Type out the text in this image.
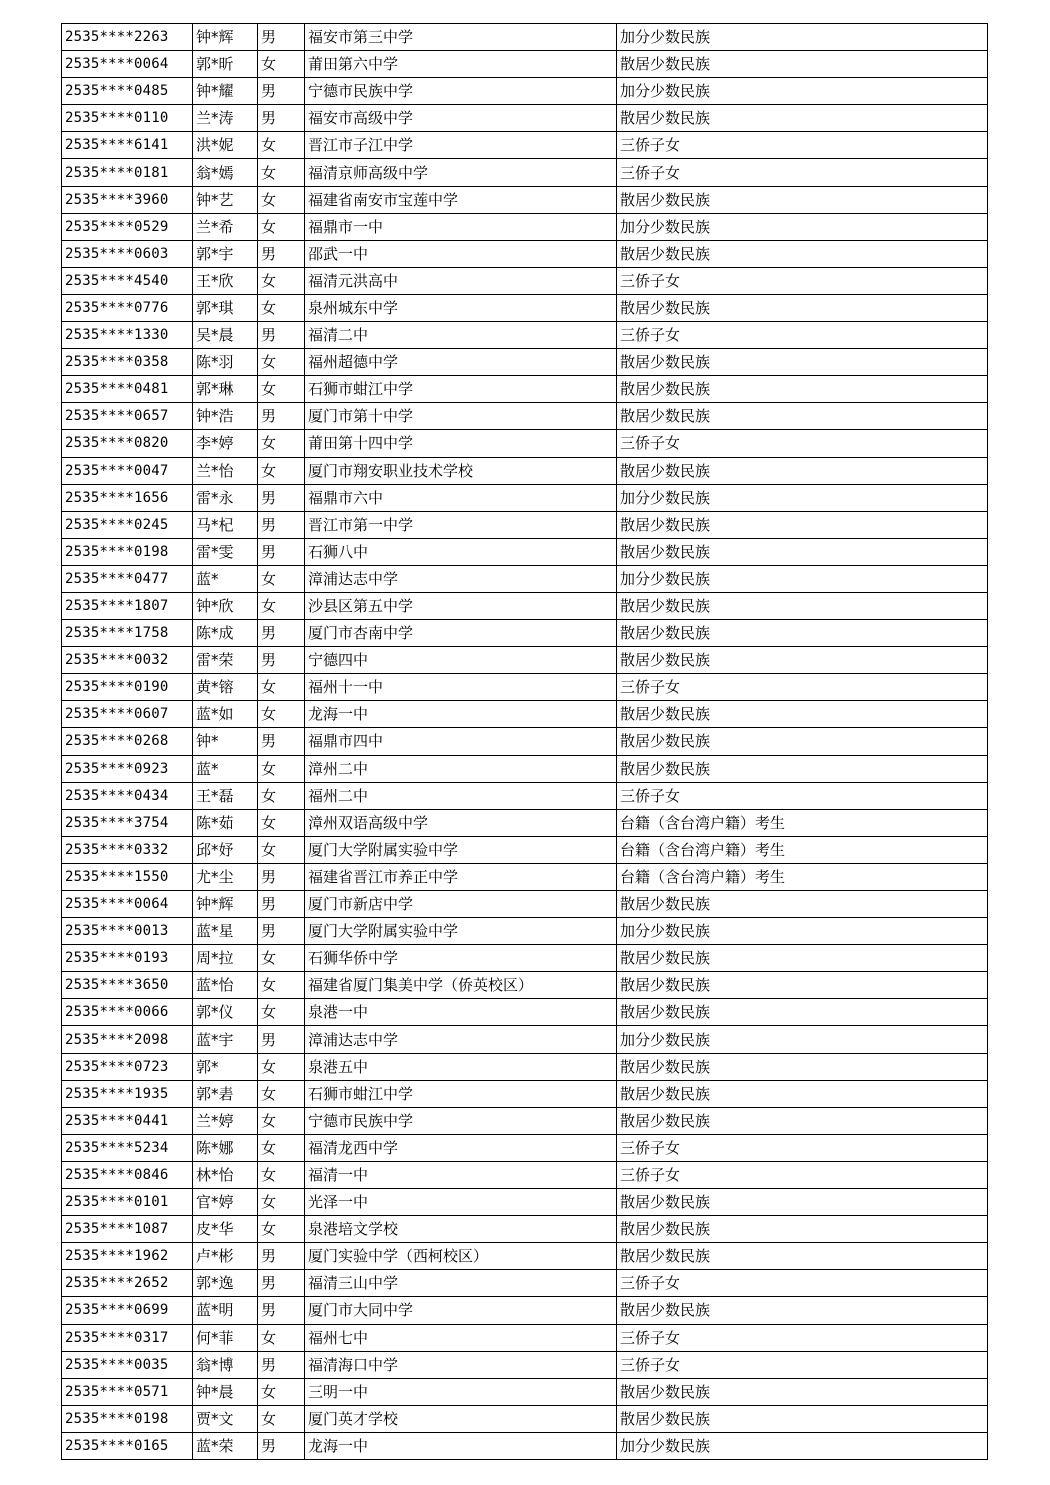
2535****2263	钟*辉	男	福安市第三中学	加分少数民族
2535****0064	郭*昕	女	莆田第六中学	散居少数民族
2535****0485	钟*耀	男	宁德市民族中学	加分少数民族
2535****0110	兰*涛	男	福安市高级中学	散居少数民族
2535****6141	洪*妮	女	晋江市子江中学	三侨子女
2535****0181	翁*嫣	女	福清京师高级中学	三侨子女
2535****3960	钟*艺	女	福建省南安市宝莲中学	散居少数民族
2535****0529	兰*希	女	福鼎市一中	加分少数民族
2535****0603	郭*宇	男	邵武一中	散居少数民族
2535****4540	王*欣	女	福清元洪高中	三侨子女
2535****0776	郭*琪	女	泉州城东中学	散居少数民族
2535****1330	吴*晨	男	福清二中	三侨子女
2535****0358	陈*羽	女	福州超德中学	散居少数民族
2535****0481	郭*琳	女	石狮市蚶江中学	散居少数民族
2535****0657	钟*浩	男	厦门市第十中学	散居少数民族
2535****0820	李*婷	女	莆田第十四中学	三侨子女
2535****0047	兰*怡	女	厦门市翔安职业技术学校	散居少数民族
2535****1656	雷*永	男	福鼎市六中	加分少数民族
2535****0245	马*杞	男	晋江市第一中学	散居少数民族
2535****0198	雷*雯	男	石狮八中	散居少数民族
2535****0477	蓝*	女	漳浦达志中学	加分少数民族
2535****1807	钟*欣	女	沙县区第五中学	散居少数民族
2535****1758	陈*成	男	厦门市杏南中学	散居少数民族
2535****0032	雷*荣	男	宁德四中	散居少数民族
2535****0190	黄*镕	女	福州十一中	三侨子女
2535****0607	蓝*如	女	龙海一中	散居少数民族
2535****0268	钟*	男	福鼎市四中	散居少数民族
2535****0923	蓝*	女	漳州二中	散居少数民族
2535****0434	王*磊	女	福州二中	三侨子女
2535****3754	陈*茹	女	漳州双语高级中学	台籍（含台湾户籍）考生
2535****0332	邱*妤	女	厦门大学附属实验中学	台籍（含台湾户籍）考生
2535****1550	尤*尘	男	福建省晋江市养正中学	台籍（含台湾户籍）考生
2535****0064	钟*辉	男	厦门市新店中学	散居少数民族
2535****0013	蓝*星	男	厦门大学附属实验中学	加分少数民族
2535****0193	周*拉	女	石狮华侨中学	散居少数民族
2535****3650	蓝*怡	女	福建省厦门集美中学（侨英校区）	散居少数民族
2535****0066	郭*仪	女	泉港一中	散居少数民族
2535****2098	蓝*宇	男	漳浦达志中学	加分少数民族
2535****0723	郭*	女	泉港五中	散居少数民族
2535****1935	郭*砉	女	石狮市蚶江中学	散居少数民族
2535****0441	兰*婷	女	宁德市民族中学	散居少数民族
2535****5234	陈*娜	女	福清龙西中学	三侨子女
2535****0846	林*怡	女	福清一中	三侨子女
2535****0101	官*婷	女	光泽一中	散居少数民族
2535****1087	皮*华	女	泉港培文学校	散居少数民族
2535****1962	卢*彬	男	厦门实验中学（西柯校区）	散居少数民族
2535****2652	郭*逸	男	福清三山中学	三侨子女
2535****0699	蓝*明	男	厦门市大同中学	散居少数民族
2535****0317	何*菲	女	福州七中	三侨子女
2535****0035	翁*博	男	福清海口中学	三侨子女
2535****0571	钟*晨	女	三明一中	散居少数民族
2535****0198	贾*文	女	厦门英才学校	散居少数民族
2535****0165	蓝*荣	男	龙海一中	加分少数民族
